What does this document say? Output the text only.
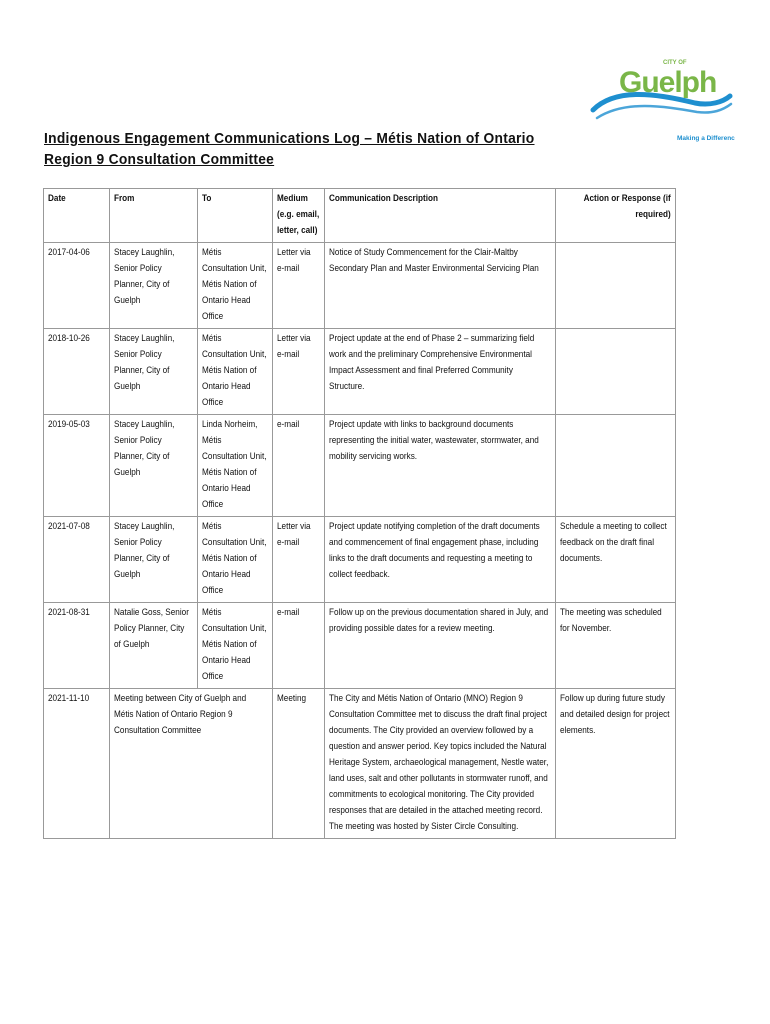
CITY OF
Guelph
Making a Difference
Indigenous Engagement Communications Log – Métis Nation of Ontario Region 9 Consultation Committee
Date	From	To	Medium (e.g. email, letter, call)	Communication Description	Action or Response (if required)

2017-04-06	Stacey Laughlin, Senior Policy Planner, City of Guelph	Métis Consultation Unit, Métis Nation of Ontario Head Office	Letter via e-mail	Notice of Study Commencement for the Clair-Maltby Secondary Plan and Master Environmental Servicing Plan	

2018-10-26	Stacey Laughlin, Senior Policy Planner, City of Guelph	Métis Consultation Unit, Métis Nation of Ontario Head Office	Letter via e-mail	Project update at the end of Phase 2 – summarizing field work and the preliminary Comprehensive Environmental Impact Assessment and final Preferred Community Structure.	

2019-05-03	Stacey Laughlin, Senior Policy Planner, City of Guelph	Linda Norheim, Métis Consultation Unit, Métis Nation of Ontario Head Office	e-mail	Project update with links to background documents representing the initial water, wastewater, stormwater, and mobility servicing works.	

2021-07-08	Stacey Laughlin, Senior Policy Planner, City of Guelph	Métis Consultation Unit, Métis Nation of Ontario Head Office	Letter via e-mail	Project update notifying completion of the draft documents and commencement of final engagement phase, including links to the draft documents and requesting a meeting to collect feedback.	Schedule a meeting to collect feedback on the draft final documents.

2021-08-31	Natalie Goss, Senior Policy Planner, City of Guelph	Métis Consultation Unit, Métis Nation of Ontario Head Office	e-mail	Follow up on the previous documentation shared in July, and providing possible dates for a review meeting.	The meeting was scheduled for November.

2021-11-10	Meeting between City of Guelph and Métis Nation of Ontario Region 9 Consultation Committee		Meeting	The City and Métis Nation of Ontario (MNO) Region 9 Consultation Committee met to discuss the draft final project documents. The City provided an overview followed by a question and answer period. Key topics included the Natural Heritage System, archaeological management, Nestle water, land uses, salt and other pollutants in stormwater runoff, and commitments to ecological monitoring. The City provided responses that are detailed in the attached meeting record. The meeting was hosted by Sister Circle Consulting.	Follow up during future study and detailed design for project elements.
